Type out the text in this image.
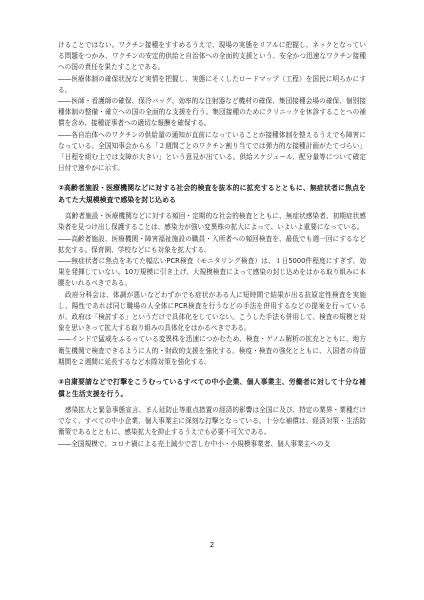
けることではない。ワクチン接種をすすめるうえで、現場の実態をリアルに把握し、ネックとなっている問題をつかみ、ワクチンの安定的供給と自治体への全面的支援という、安全かつ迅速なワクチン接種への国の責任を果たすことである。

――医療体制の確保状況など実情を把握し、実態にそくしたロードマップ（工程）を国民に明らかにする。

――医師・看護師の確保、保冷バッグ、効率的な注射器など機材の確保、集団接種会場の確保、個別接種体制の整備・確立への国の全面的な支援を行う。集団接種のためにクリニックを休診することへの補償を含め、接種従事者への適切な報酬を確保する。

――各自治体へのワクチンの供給量の通知が直前になっていることが接種体制を整えるうえでも障害になっている。全国知事会からも「２週間ごとのワクチン割り当てでは弾力的な接種計画がたてづらい」「日程を組む上では支障が大きい」という意見が出ている。供給スケジュール、配分量等について確定日付で速やかに示す。

②高齢者施設・医療機関などに対する社会的検査を抜本的に拡充するとともに、無症状者に焦点をあてた大規模検査で感染を封じ込める

高齢者施設・医療機関などに対する頻回・定期的な社会的検査とともに、無症状感染者、初期症状感染者を見つけ出し保護することは、感染力が強い変異株の拡大によって、いよいよ重要になっている。

――高齢者施設、医療機関・障害福祉施設の職員・入所者への頻回検査を、最低でも週一回にするなど拡充する。保育園、学校などにも対象を拡大する。

――無症状者に焦点をあてた幅広いPCR検査（モニタリング検査）は、１日5000件程度にすぎず、効果を発揮していない。10万規模に引き上げ、大規模検査によって感染の封じ込めをはかる取り組みに本腰をいれるべきである。

政府分科会は、体調が悪いなどわずかでも症状がある人に短時間で結果が出る抗原定性検査を実施し、陽性であれば同じ職場の人全体にPCR検査を行うなどの手法を併用するなどの提案を行っているが、政府は「検討する」というだけで具体化をしていない。こうした手法も併用して、検査の規模と対象を思いきって拡大する取り組みの具体化をはかるべきである。

――インドで猛威をふるっている変異株を迅速につかむため、検査・ゲノム解析の拡充とともに、地方衛生機関で検査できるように人的・財政的支援を強化する。検疫・検査の強化とともに、入国者の待留期間を２週間に延長するなど水際対策を強化する。

③自粛要請などで打撃をこうむっているすべての中小企業、個人事業主、労働者に対して十分な補償と生活支援を行う。

感染拡大と緊急事態宣言、まん延防止等重点措置の経済的影響は全国に及び、特定の業界・業種だけでなく、すべての中小企業、個人事業主に深刻な打撃となっている。十分な補償は、経済対策・生活防衛策であるとともに、感染拡大を抑止するうえでも必要不可欠である。

――全国規模で、コロナ禍による売上減少で苦しむ中小・小規模事業者、個人事業主への支

2
